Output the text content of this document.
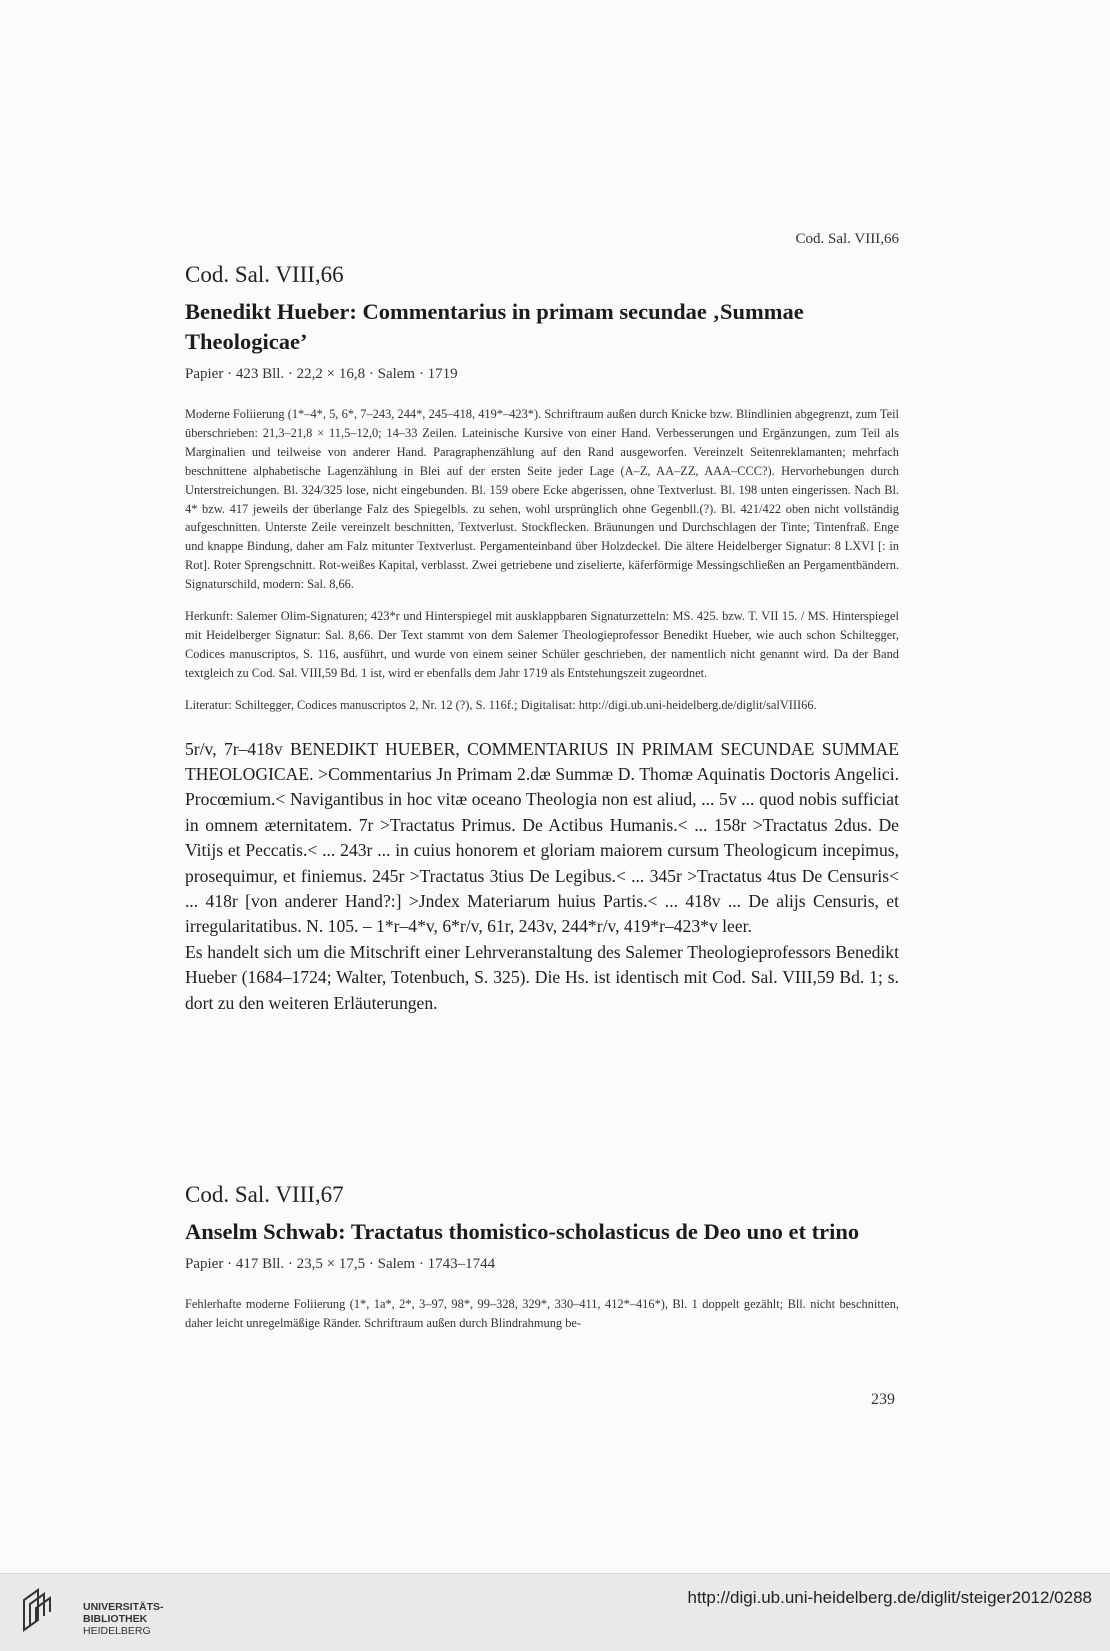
Cod. Sal. VIII,66
Cod. Sal. VIII,66
Benedikt Hueber: Commentarius in primam secundae ‚Summae Theologicae’
Papier · 423 Bll. · 22,2 × 16,8 · Salem · 1719

Moderne Foliierung (1*–4*, 5, 6*, 7–243, 244*, 245–418, 419*–423*). Schriftraum außen durch Knicke bzw. Blindlinien abgegrenzt, zum Teil überschrieben: 21,3–21,8 × 11,5–12,0; 14–33 Zeilen. Lateinische Kursive von einer Hand. Verbesserungen und Ergänzungen, zum Teil als Marginalien und teilweise von anderer Hand. Paragraphenzählung auf den Rand ausgeworfen. Vereinzelt Seitenreklamanten; mehrfach beschnittene alphabetische Lagenzählung in Blei auf der ersten Seite jeder Lage (A–Z, AA–ZZ, AAA–CCC?). Hervorhebungen durch Unterstreichungen. Bl. 324/325 lose, nicht eingebunden. Bl. 159 obere Ecke abgerissen, ohne Textverlust. Bl. 198 unten eingerissen. Nach Bl. 4* bzw. 417 jeweils der überlange Falz des Spiegelbls. zu sehen, wohl ursprünglich ohne Gegenbll.(?). Bl. 421/422 oben nicht vollständig aufgeschnitten. Unterste Zeile vereinzelt beschnitten, Textverlust. Stockflecken. Bräunungen und Durchschlagen der Tinte; Tintenfraß. Enge und knappe Bindung, daher am Falz mitunter Textverlust. Pergamenteinband über Holzdeckel. Die ältere Heidelberger Signatur: 8 LXVI [: in Rot]. Roter Sprengschnitt. Rot-weißes Kapital, verblasst. Zwei getriebene und ziselierte, käferförmige Messingschließen an Pergamentbändern. Signaturschild, modern: Sal. 8,66.

Herkunft: Salemer Olim-Signaturen; 423*r und Hinterspiegel mit ausklappbaren Signaturzetteln: MS. 425. bzw. T. VII 15. / MS. Hinterspiegel mit Heidelberger Signatur: Sal. 8,66. Der Text stammt von dem Salemer Theologieprofessor Benedikt Hueber, wie auch schon Schiltegger, Codices manuscriptos, S. 116, ausführt, und wurde von einem seiner Schüler geschrieben, der namentlich nicht genannt wird. Da der Band textgleich zu Cod. Sal. VIII,59 Bd. 1 ist, wird er ebenfalls dem Jahr 1719 als Entstehungszeit zugeordnet.

Literatur: Schiltegger, Codices manuscriptos 2, Nr. 12 (?), S. 116f.; Digitalisat: http://digi.ub.uni-heidelberg.de/diglit/salVIII66.

5r/v, 7r–418v BENEDIKT HUEBER, COMMENTARIUS IN PRIMAM SECUNDAE SUMMAE THEOLOGICAE. >Commentarius Jn Primam 2.dæ Summæ D. Thomæ Aquinatis Doctoris Angelici. Procœmium.< Navigantibus in hoc vitæ oceano Theologia non est aliud, ... 5v ... quod nobis sufficiat in omnem æternitatem. 7r >Tractatus Primus. De Actibus Humanis.< ... 158r >Tractatus 2dus. De Vitijs et Peccatis.< ... 243r ... in cuius honorem et gloriam maiorem cursum Theologicum incepimus, prosequimur, et finiemus. 245r >Tractatus 3tius De Legibus.< ... 345r >Tractatus 4tus De Censuris< ... 418r [von anderer Hand?:] >Jndex Materiarum huius Partis.< ... 418v ... De alijs Censuris, et irregularitatibus. N. 105. – 1*r–4*v, 6*r/v, 61r, 243v, 244*r/v, 419*r–423*v leer.

Es handelt sich um die Mitschrift einer Lehrveranstaltung des Salemer Theologieprofessors Benedikt Hueber (1684–1724; Walter, Totenbuch, S. 325). Die Hs. ist identisch mit Cod. Sal. VIII,59 Bd. 1; s. dort zu den weiteren Erläuterungen.

Cod. Sal. VIII,67
Anselm Schwab: Tractatus thomistico-scholasticus de Deo uno et trino
Papier · 417 Bll. · 23,5 × 17,5 · Salem · 1743–1744

Fehlerhafte moderne Foliierung (1*, 1a*, 2*, 3–97, 98*, 99–328, 329*, 330–411, 412*–416*), Bl. 1 doppelt gezählt; Bll. nicht beschnitten, daher leicht unregelmäßige Ränder. Schriftraum außen durch Blindrahmung be-

239
UNIVERSITÄTS-
BIBLIOTHEK
HEIDELBERG
http://digi.ub.uni-heidelberg.de/diglit/steiger2012/0288
